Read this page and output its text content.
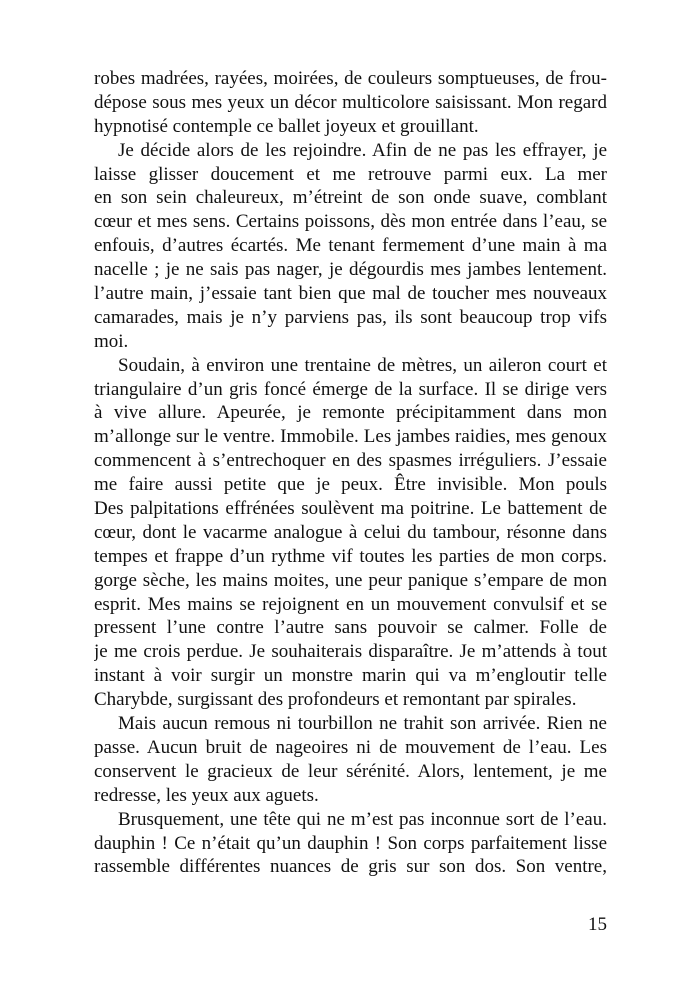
robes madrées, rayées, moirées, de couleurs somptueuses, de frou-
dépose sous mes yeux un décor multicolore saisissant. Mon regard
hypnotisé contemple ce ballet joyeux et grouillant.
Je décide alors de les rejoindre. Afin de ne pas les effrayer, je
laisse glisser doucement et me retrouve parmi eux. La mer
en son sein chaleureux, m’étreint de son onde suave, comblant
cœur et mes sens. Certains poissons, dès mon entrée dans l’eau, se
enfouis, d’autres écartés. Me tenant fermement d’une main à ma
nacelle ; je ne sais pas nager, je dégourdis mes jambes lentement.
l’autre main, j’essaie tant bien que mal de toucher mes nouveaux
camarades, mais je n’y parviens pas, ils sont beaucoup trop vifs
moi.
Soudain, à environ une trentaine de mètres, un aileron court et
triangulaire d’un gris foncé émerge de la surface. Il se dirige vers
à vive allure. Apeurée, je remonte précipitamment dans mon
m’allonge sur le ventre. Immobile. Les jambes raidies, mes genoux
commencent à s’entrechoquer en des spasmes irréguliers. J’essaie
me faire aussi petite que je peux. Être invisible. Mon pouls
Des palpitations effrénées soulèvent ma poitrine. Le battement de
cœur, dont le vacarme analogue à celui du tambour, résonne dans
tempes et frappe d’un rythme vif toutes les parties de mon corps.
gorge sèche, les mains moites, une peur panique s’empare de mon
esprit. Mes mains se rejoignent en un mouvement convulsif et se
pressent l’une contre l’autre sans pouvoir se calmer. Folle de
je me crois perdue. Je souhaiterais disparaître. Je m’attends à tout
instant à voir surgir un monstre marin qui va m’engloutir telle
Charybde, surgissant des profondeurs et remontant par spirales.
Mais aucun remous ni tourbillon ne trahit son arrivée. Rien ne
passe. Aucun bruit de nageoires ni de mouvement de l’eau. Les
conservent le gracieux de leur sérénité. Alors, lentement, je me
redresse, les yeux aux aguets.
Brusquement, une tête qui ne m’est pas inconnue sort de l’eau.
dauphin ! Ce n’était qu’un dauphin ! Son corps parfaitement lisse
rassemble différentes nuances de gris sur son dos. Son ventre,
15
